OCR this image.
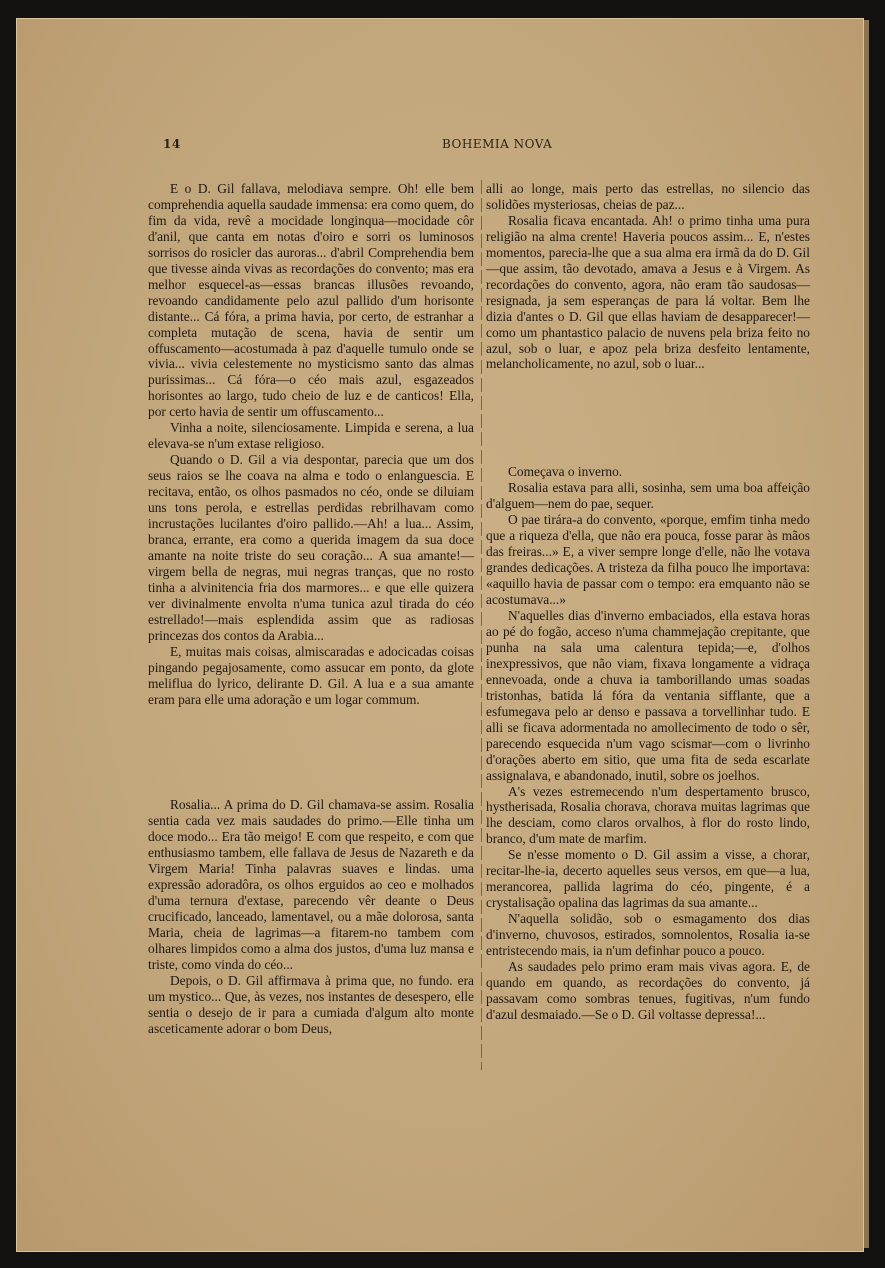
14	BOHEMIA NOVA

E o D. Gil fallava, melodiava sempre. Oh! elle bem comprehendia aquella saudade immensa: era como quem, do fim da vida, revê a mocidade longinqua—mocidade côr d'anil, que canta em notas d'oiro e sorri os luminosos sorrisos do rosicler das auroras... d'abril Comprehendia bem que tivesse ainda vivas as recordações do convento; mas era melhor esquecel-as—essas brancas illusões revoando, revoando candidamente pelo azul pallido d'um horisonte distante... Cá fóra, a prima havia, por certo, de estranhar a completa mutação de scena, havia de sentir um offuscamento—acostumada à paz d'aquelle tumulo onde se vivia... vivia celestemente no mysticismo santo das almas purissimas... Cá fóra—o céo mais azul, esgazeados horisontes ao largo, tudo cheio de luz e de canticos! Ella, por certo havia de sentir um offuscamento...

Vinha a noite, silenciosamente. Limpida e serena, a lua elevava-se n'um extase religioso.

Quando o D. Gil a via despontar, parecia que um dos seus raios se lhe coava na alma e todo o enlanguescia. E recitava, então, os olhos pasmados no céo, onde se diluiam uns tons perola, e estrellas perdidas rebrilhavam como incrustações lucilantes d'oiro pallido.—Ah! a lua... Assim, branca, errante, era como a querida imagem da sua doce amante na noite triste do seu coração... A sua amante!—virgem bella de negras, mui negras tranças, que no rosto tinha a alvinitencia fria dos marmores... e que elle quizera ver divinalmente envolta n'uma tunica azul tirada do céo estrellado!—mais esplendida assim que as radiosas princezas dos contos da Arabia...

E, muitas mais coisas, almiscaradas e adocicadas coisas pingando pegajosamente, como assucar em ponto, da glote meliflua do lyrico, delirante D. Gil. A lua e a sua amante eram para elle uma adoração e um logar commum.

Rosalia... A prima do D. Gil chamava-se assim. Rosalia sentia cada vez mais saudades do primo.—Elle tinha um doce modo... Era tão meigo! E com que respeito, e com que enthusiasmo tambem, elle fallava de Jesus de Nazareth e da Virgem Maria! Tinha palavras suaves e lindas. uma expressão adoradôra, os olhos erguidos ao ceo e molhados d'uma ternura d'extase, parecendo vêr deante o Deus crucificado, lanceado, lamentavel, ou a mãe dolorosa, santa Maria, cheia de lagrimas—a fitarem-no tambem com olhares limpidos como a alma dos justos, d'uma luz mansa e triste, como vinda do céo...

Depois, o D. Gil affirmava à prima que, no fundo. era um mystico... Que, às vezes, nos instantes de desespero, elle sentia o desejo de ir para a cumiada d'algum alto monte asceticamente adorar o bom Deus,

alli ao longe, mais perto das estrellas, no silencio das solidões mysteriosas, cheias de paz...

Rosalia ficava encantada. Ah! o primo tinha uma pura religião na alma crente! Haveria poucos assim... E, n'estes momentos, parecia-lhe que a sua alma era irmã da do D. Gil—que assim, tão devotado, amava a Jesus e à Virgem. As recordações do convento, agora, não eram tão saudosas—resignada, ja sem esperanças de para lá voltar. Bem lhe dizia d'antes o D. Gil que ellas haviam de desapparecer!—como um phantastico palacio de nuvens pela briza feito no azul, sob o luar, e apoz pela briza desfeito lentamente, melancholicamente, no azul, sob o luar...

Começava o inverno.

Rosalia estava para alli, sosinha, sem uma boa affeição d'alguem—nem do pae, sequer.

O pae tirára-a do convento, «porque, emfim tinha medo que a riqueza d'ella, que não era pouca, fosse parar às mãos das freiras...» E, a viver sempre longe d'elle, não lhe votava grandes dedicações. A tristeza da filha pouco lhe importava: «aquillo havia de passar com o tempo: era emquanto não se acostumava...»

N'aquelles dias d'inverno embaciados, ella estava horas ao pé do fogão, acceso n'uma chammejação crepitante, que punha na sala uma calentura tepida;—e, d'olhos inexpressivos, que não viam, fixava longamente a vidraça ennevoada, onde a chuva ia tamborillando umas soadas tristonhas, batida lá fóra da ventania sifflante, que a esfumegava pelo ar denso e passava a torvellinhar tudo. E alli se ficava adormentada no amollecimento de todo o sêr, parecendo esquecida n'um vago scismar—com o livrinho d'orações aberto em sitio, que uma fita de seda escarlate assignalava, e abandonado, inutil, sobre os joelhos.

A's vezes estremecendo n'um despertamento brusco, hystherisada, Rosalia chorava, chorava muitas lagrimas que lhe desciam, como claros orvalhos, à flor do rosto lindo, branco, d'um mate de marfim.

Se n'esse momento o D. Gil assim a visse, a chorar, recitar-lhe-ia, decerto aquelles seus versos, em que—a lua, merancorea, pallida lagrima do céo, pingente, é a crystalisação opalina das lagrimas da sua amante...

N'aquella solidão, sob o esmagamento dos dias d'inverno, chuvosos, estirados, somnolentos, Rosalia ia-se entristecendo mais, ia n'um definhar pouco a pouco.

As saudades pelo primo eram mais vivas agora. E, de quando em quando, as recordações do convento, já passavam como sombras tenues, fugitivas, n'um fundo d'azul desmaiado.—Se o D. Gil voltasse depressa!...
